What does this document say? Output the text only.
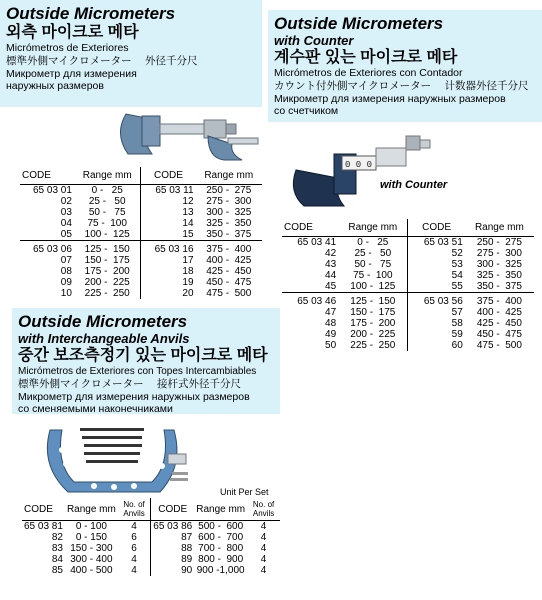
Outside Micrometers
외측 마이크로 메타
Micrómetros de Exteriores
標準外側マイクロメーター　 外径千分尺
Микрометр для измерения
наружных размеров
CODE	Range mm	CODE	Range mm
65 03 01	0 -   25	65 03 11	250 -  275
02	25 -   50	12	275 -  300
03	50 -   75	13	300 -  325
04	75 -  100	14	325 -  350
05	100 -  125	15	350 -  375
65 03 06	125 -  150	65 03 16	375 -  400
07	150 -  175	17	400 -  425
08	175 -  200	18	425 -  450
09	200 -  225	19	450 -  475
10	225 -  250	20	475 -  500
Outside Micrometers
with Counter
계수판 있는 마이크로 메타
Micrómetros de Exteriores con Contador
カウント付外側マイクロメーター　 计数器外径千分尺
Микрометр для измерения наружных размеров
со счетчиком
0 0 0
with Counter
CODE	Range mm	CODE	Range mm
65 03 41	0 -   25	65 03 51	250 -  275
42	25 -   50	52	275 -  300
43	50 -   75	53	300 -  325
44	75 -  100	54	325 -  350
45	100 -  125	55	350 -  375
65 03 46	125 -  150	65 03 56	375 -  400
47	150 -  175	57	400 -  425
48	175 -  200	58	425 -  450
49	200 -  225	59	450 -  475
50	225 -  250	60	475 -  500
Outside Micrometers
with Interchangeable Anvils
중간 보조측정기 있는 마이크로 메타
Micrómetros de Exteriores con Topes Intercambiables
標準外側マイクロメーター　 接杆式外径千分尺
Микрометр для измерения наружных размеров
со сменяемыми наконечниками
Unit Per Set
CODE	Range mm	No. of Anvils	CODE	Range mm	No. of Anvils
65 03 81	0 - 100	4	65 03 86	500 -  600	4
82	0 - 150	6	87	600 -  700	4
83	150 - 300	6	88	700 -  800	4
84	300 - 400	4	89	800 -  900	4
85	400 - 500	4	90	900 -1,000	4
